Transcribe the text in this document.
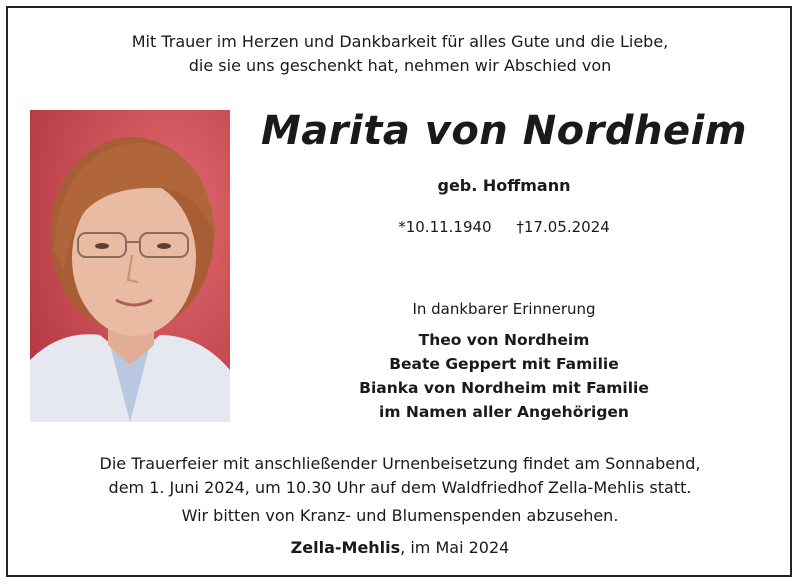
Mit Trauer im Herzen und Dankbarkeit für alles Gute und die Liebe,
die sie uns geschenkt hat, nehmen wir Abschied von
Marita von Nordheim
geb. Hoffmann
*10.11.1940 †17.05.2024
In dankbarer Erinnerung
Theo von Nordheim
Beate Geppert mit Familie
Bianka von Nordheim mit Familie
im Namen aller Angehörigen
Die Trauerfeier mit anschließender Urnenbeisetzung findet am Sonnabend,
dem 1. Juni 2024, um 10.30 Uhr auf dem Waldfriedhof Zella-Mehlis statt.
Wir bitten von Kranz- und Blumenspenden abzusehen.
Zella-Mehlis, im Mai 2024
